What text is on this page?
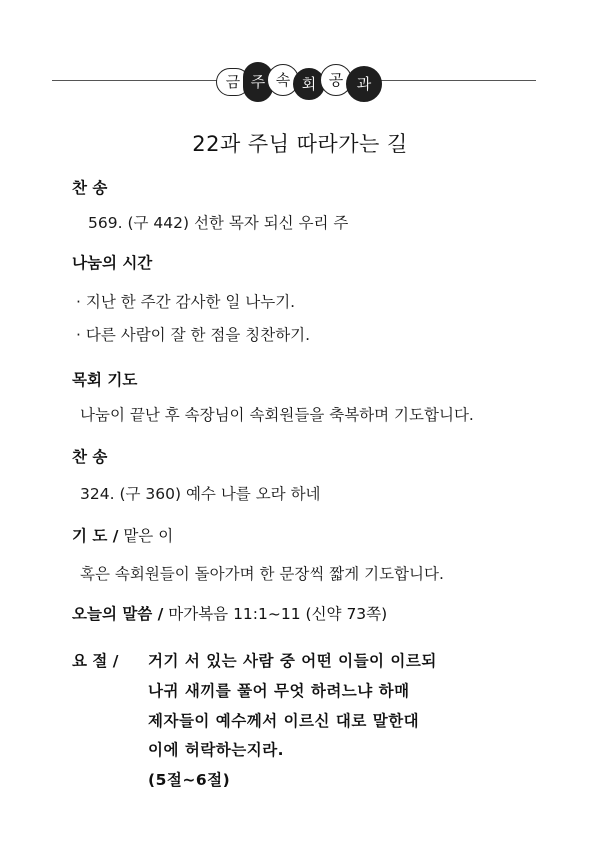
금 주 속 회 공 과
22과 주님 따라가는 길
찬 송
569. (구 442) 선한 목자 되신 우리 주
나눔의 시간
· 지난 한 주간 감사한 일 나누기.
· 다른 사람이 잘 한 점을 칭찬하기.
목회 기도
나눔이 끝난 후 속장님이 속회원들을 축복하며 기도합니다.
찬 송
324. (구 360) 예수 나를 오라 하네
기 도 / 맡은 이
혹은 속회원들이 돌아가며 한 문장씩 짧게 기도합니다.
오늘의 말씀 / 마가복음 11:1~11 (신약 73쪽)
요 절 / 거기 서 있는 사람 중 어떤 이들이 이르되
나귀 새끼를 풀어 무엇 하려느냐 하매
제자들이 예수께서 이르신 대로 말한대
이에 허락하는지라.
(5절~6절)
